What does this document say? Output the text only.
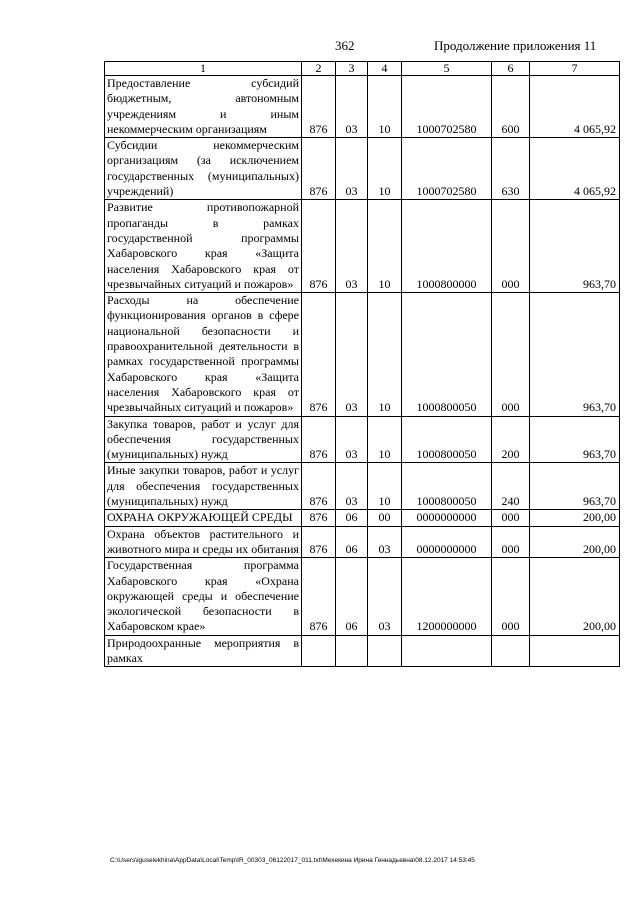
362	Продолжение приложения 11
1	2	3	4	5	6	7
Предоставление субсидий бюджетным, автономным учреждениям и иным некоммерческим организациям	876	03	10	1000702580	600	4 065,92
Субсидии некоммерческим организациям (за исключением государственных (муниципальных) учреждений)	876	03	10	1000702580	630	4 065,92
Развитие противопожарной пропаганды в рамках государственной программы Хабаровского края «Защита населения Хабаровского края от чрезвычайных ситуаций и пожаров»	876	03	10	1000800000	000	963,70
Расходы на обеспечение функционирования органов в сфере национальной безопасности и правоохранительной деятельности в рамках государственной программы Хабаровского края «Защита населения Хабаровского края от чрезвычайных ситуаций и пожаров»	876	03	10	1000800050	000	963,70
Закупка товаров, работ и услуг для обеспечения государственных (муниципальных) нужд	876	03	10	1000800050	200	963,70
Иные закупки товаров, работ и услуг для обеспечения государственных (муниципальных) нужд	876	03	10	1000800050	240	963,70
ОХРАНА ОКРУЖАЮЩЕЙ СРЕДЫ	876	06	00	0000000000	000	200,00
Охрана объектов растительного и животного мира и среды их обитания	876	06	03	0000000000	000	200,00
Государственная программа Хабаровского края «Охрана окружающей среды и обеспечение экологической безопасности в Хабаровском крае»	876	06	03	1200000000	000	200,00
Природоохранные мероприятия в рамках						
C:\Users\iguselekhina\AppData\Local\Temp\IR_00303_06122017_011.txt\Мехекина Ирина Геннадьевна\08.12.2017 14:53:45
